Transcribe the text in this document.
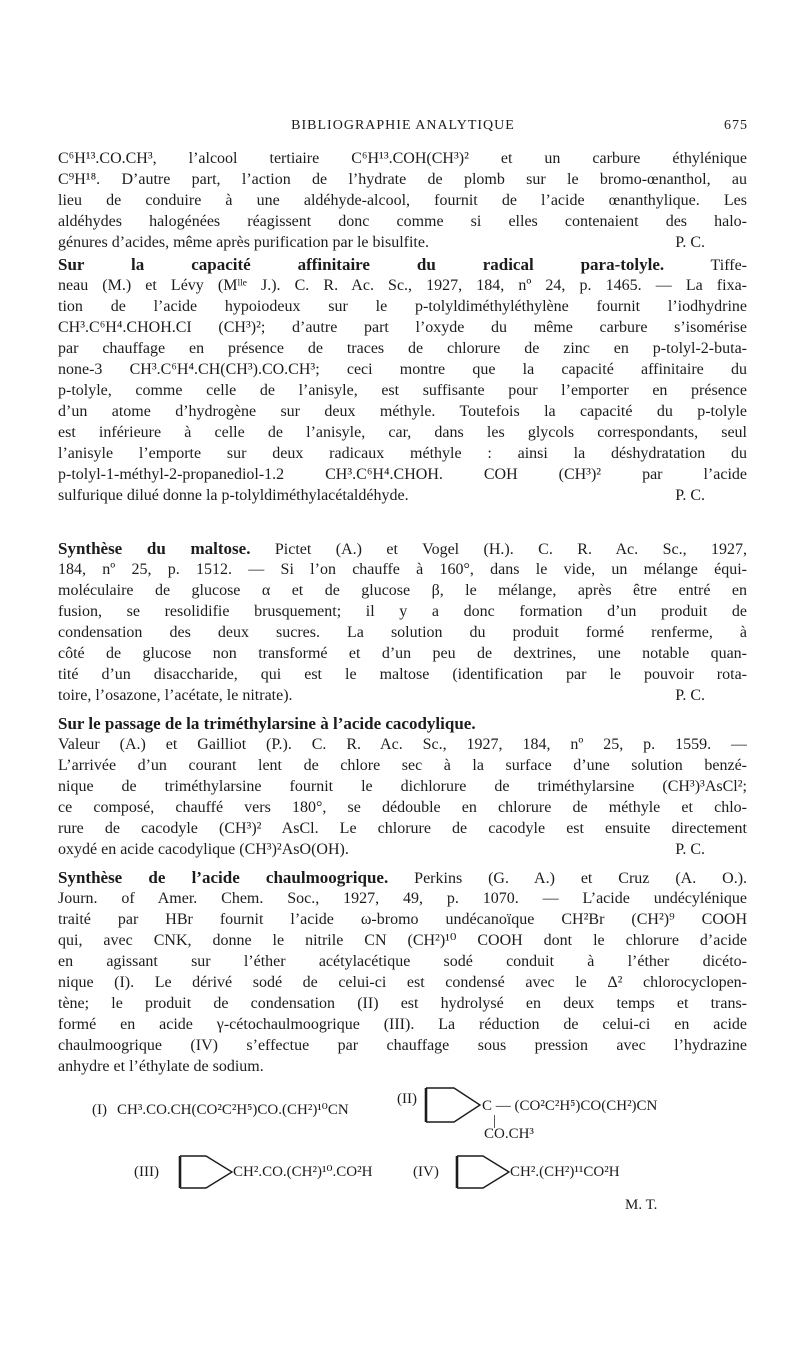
BIBLIOGRAPHIE ANALYTIQUE	675
C⁶H¹³.CO.CH³, l’alcool tertiaire C⁶H¹³.COH(CH³)² et un carbure éthylénique
C⁹H¹⁸. D’autre part, l’action de l’hydrate de plomb sur le bromo-œnanthol, au
lieu de conduire à une aldéhyde-alcool, fournit de l’acide œnanthylique. Les
aldéhydes halogénées réagissent donc comme si elles contenaient des halo-
génures d’acides, même après purification par le bisulfite.	P. C.
Sur la capacité affinitaire du radical para-tolyle.	Tiffe-
neau (M.) et Lévy (Mˡˡᵉ J.). C. R. Ac. Sc., 1927, 184, nº 24, p. 1465. — La fixa-
tion de l’acide hypoiodeux sur le p-tolyldiméthyléthylène fournit l’iodhydrine
CH³.C⁶H⁴.CHOH.CI (CH³)²; d’autre part l’oxyde du même carbure s’isomérise
par chauffage en présence de traces de chlorure de zinc en p-tolyl-2-buta-
none-3 CH³.C⁶H⁴.CH(CH³).CO.CH³; ceci montre que la capacité affinitaire du
p-tolyle, comme celle de l’anisyle, est suffisante pour l’emporter en présence
d’un atome d’hydrogène sur deux méthyle. Toutefois la capacité du p-tolyle
est inférieure à celle de l’anisyle, car, dans les glycols correspondants, seul
l’anisyle l’emporte sur deux radicaux méthyle : ainsi la déshydratation du
p-tolyl-1-méthyl-2-propanediol-1.2 CH³.C⁶H⁴.CHOH. COH (CH³)² par l’acide
sulfurique dilué donne la p-tolyldiméthylacétaldéhyde.	P. C.
Synthèse du maltose. Pictet (A.) et Vogel (H.). C. R. Ac. Sc., 1927,
184, nº 25, p. 1512. — Si l’on chauffe à 160°, dans le vide, un mélange équi-
moléculaire de glucose α et de glucose β, le mélange, après être entré en
fusion, se resolidifie brusquement; il y a donc formation d’un produit de
condensation des deux sucres. La solution du produit formé renferme, à
côté de glucose non transformé et d’un peu de dextrines, une notable quan-
tité d’un disaccharide, qui est le maltose (identification par le pouvoir rota-
toire, l’osazone, l’acétate, le nitrate).	P. C.
Sur le passage de la triméthylarsine à l’acide cacodylique.
Valeur (A.) et Gailliot (P.). C. R. Ac. Sc., 1927, 184, nº 25, p. 1559. —
L’arrivée d’un courant lent de chlore sec à la surface d’une solution benzé-
nique de triméthylarsine fournit le dichlorure de triméthylarsine (CH³)³AsCl²;
ce composé, chauffé vers 180°, se dédouble en chlorure de méthyle et chlo-
rure de cacodyle (CH³)² AsCl. Le chlorure de cacodyle est ensuite directement
oxydé en acide cacodylique (CH³)²AsO(OH).	P. C.
Synthèse de l’acide chaulmoogrique. Perkins (G. A.) et Cruz (A. O.).
Journ. of Amer. Chem. Soc., 1927, 49, p. 1070. — L’acide undécylénique
traité par HBr fournit l’acide ω-bromo undécanoïque CH²Br (CH²)⁹ COOH
qui, avec CNK, donne le nitrile CN (CH²)¹⁰ COOH dont le chlorure d’acide
en agissant sur l’éther acétylacétique sodé conduit à l’éther dicéto-
nique (I). Le dérivé sodé de celui-ci est condensé avec le Δ² chlorocyclopen-
tène; le produit de condensation (II) est hydrolysé en deux temps et trans-
formé en acide γ-cétochaulmoogrique (III). La réduction de celui-ci en acide
chaulmoogrique (IV) s’effectue par chauffage sous pression avec l’hydrazine
anhydre et l’éthylate de sodium.
(I) CH³.CO.CH(CO²C²H⁵)CO.(CH²)¹⁰CN
(II)	C — (CO²C²H⁵)CO(CH²)CN
|
CO.CH³
(III)	CH².CO.(CH²)¹⁰.CO²H	(IV)	CH².(CH²)¹¹CO²H
M. T.
